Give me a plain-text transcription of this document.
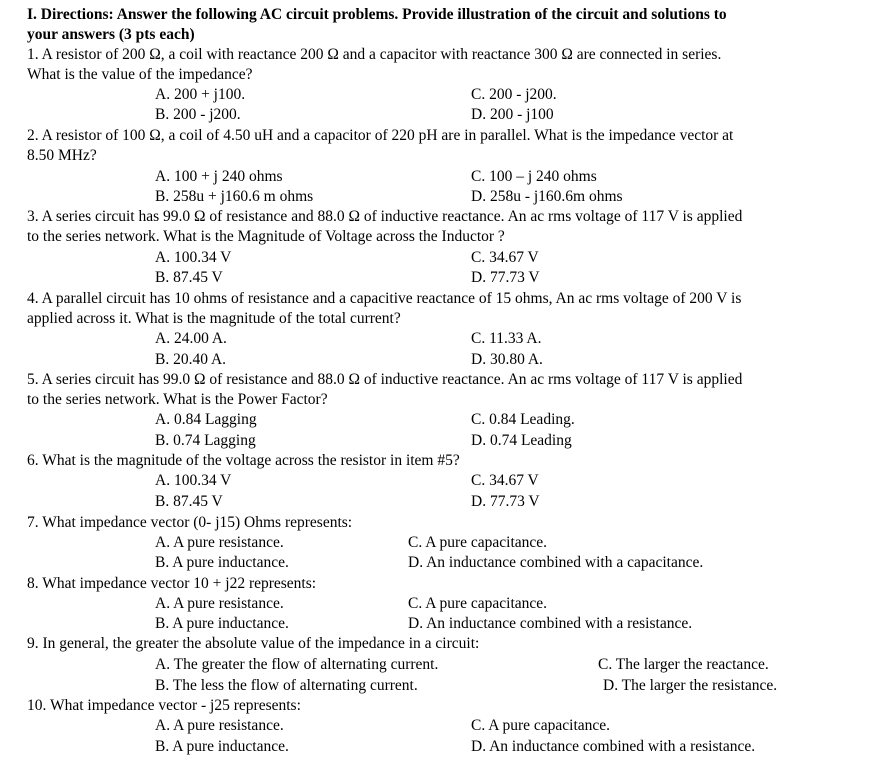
I. Directions: Answer the following AC circuit problems. Provide illustration of the circuit and solutions to
your answers (3 pts each)
1. A resistor of 200 Ω, a coil with reactance 200 Ω and a capacitor with reactance 300 Ω are connected in series.
What is the value of the impedance?
A. 200 + j100.	C. 200 - j200.
B. 200 - j200.	D. 200 - j100
2. A resistor of 100 Ω, a coil of 4.50 uH and a capacitor of 220 pH are in parallel. What is the impedance vector at
8.50 MHz?
A. 100 + j 240 ohms	C. 100 – j 240 ohms
B. 258u + j160.6 m ohms	D. 258u - j160.6m ohms
3. A series circuit has 99.0 Ω of resistance and 88.0 Ω of inductive reactance. An ac rms voltage of 117 V is applied
to the series network. What is the Magnitude of Voltage across the Inductor ?
A. 100.34 V	C. 34.67 V
B. 87.45 V	D. 77.73 V
4. A parallel circuit has 10 ohms of resistance and a capacitive reactance of 15 ohms, An ac rms voltage of 200 V is
applied across it. What is the magnitude of the total current?
A. 24.00 A.	C. 11.33 A.
B. 20.40 A.	D. 30.80 A.
5. A series circuit has 99.0 Ω of resistance and 88.0 Ω of inductive reactance. An ac rms voltage of 117 V is applied
to the series network. What is the Power Factor?
A. 0.84 Lagging	C. 0.84 Leading.
B. 0.74 Lagging	D. 0.74 Leading
6. What is the magnitude of the voltage across the resistor in item #5?
A. 100.34 V	C. 34.67 V
B. 87.45 V	D. 77.73 V
7. What impedance vector (0- j15) Ohms represents:
A. A pure resistance.	C. A pure capacitance.
B. A pure inductance.	D. An inductance combined with a capacitance.
8. What impedance vector 10 + j22 represents:
A. A pure resistance.	C. A pure capacitance.
B. A pure inductance.	D. An inductance combined with a resistance.
9. In general, the greater the absolute value of the impedance in a circuit:
A. The greater the flow of alternating current.	C. The larger the reactance.
B. The less the flow of alternating current.	D. The larger the resistance.
10. What impedance vector - j25 represents:
A. A pure resistance.	C. A pure capacitance.
B. A pure inductance.	D. An inductance combined with a resistance.
